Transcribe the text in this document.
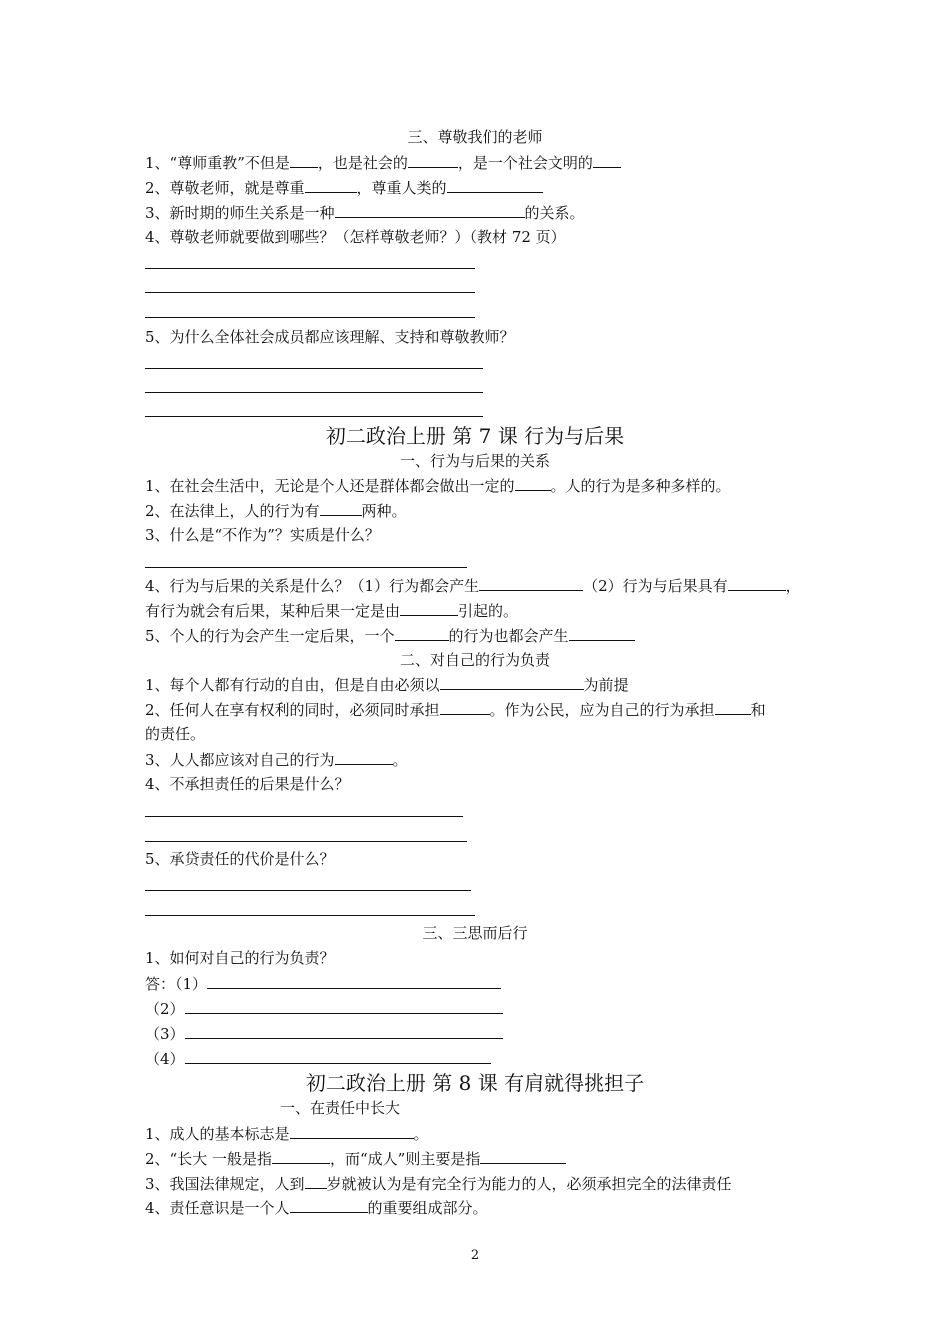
三、尊敬我们的老师
1、“尊师重教”不但是 ，也是社会的	，是一个社会文明的
2、尊敬老师，就是尊重	，尊重人类的
3、新时期的师生关系是一种	的关系。
4、尊敬老师就要做到哪些？（怎样尊敬老师？）（教材 72 页）
5、为什么全体社会成员都应该理解、支持和尊敬教师？
初二政治上册 第 7 课 行为与后果
一、行为与后果的关系
1、在社会生活中，无论是个人还是群体都会做出一定的 。人的行为是多种多样的。
2、在法律上，人的行为有	两种。
3、什么是“不作为”？实质是什么？
4、行为与后果的关系是什么？（1）行为都会产生	（2）行为与后果具有	，
有行为就会有后果，某种后果一定是由	引起的。
5、个人的行为会产生一定后果，一个	的行为也都会产生
二、对自己的行为负责
1、每个人都有行动的自由，但是自由必须以	为前提
2、任何人在享有权利的同时，必须同时承担	。作为公民，应为自己的行为承担 和
的责任。
3、人人都应该对自己的行为	。
4、不承担责任的后果是什么？
5、承贷责任的代价是什么？
三、三思而后行
1、如何对自己的行为负责？
答：（1）
（2）
（3）
（4）
初二政治上册 第 8 课 有肩就得挑担子
一、在责任中长大
1、成人的基本标志是	。
2、“长大 一般是指	，而“成人”则主要是指
3、我国法律规定，人到 岁就被认为是有完全行为能力的人，必须承担完全的法律责任
4、责任意识是一个人	的重要组成部分。
2
